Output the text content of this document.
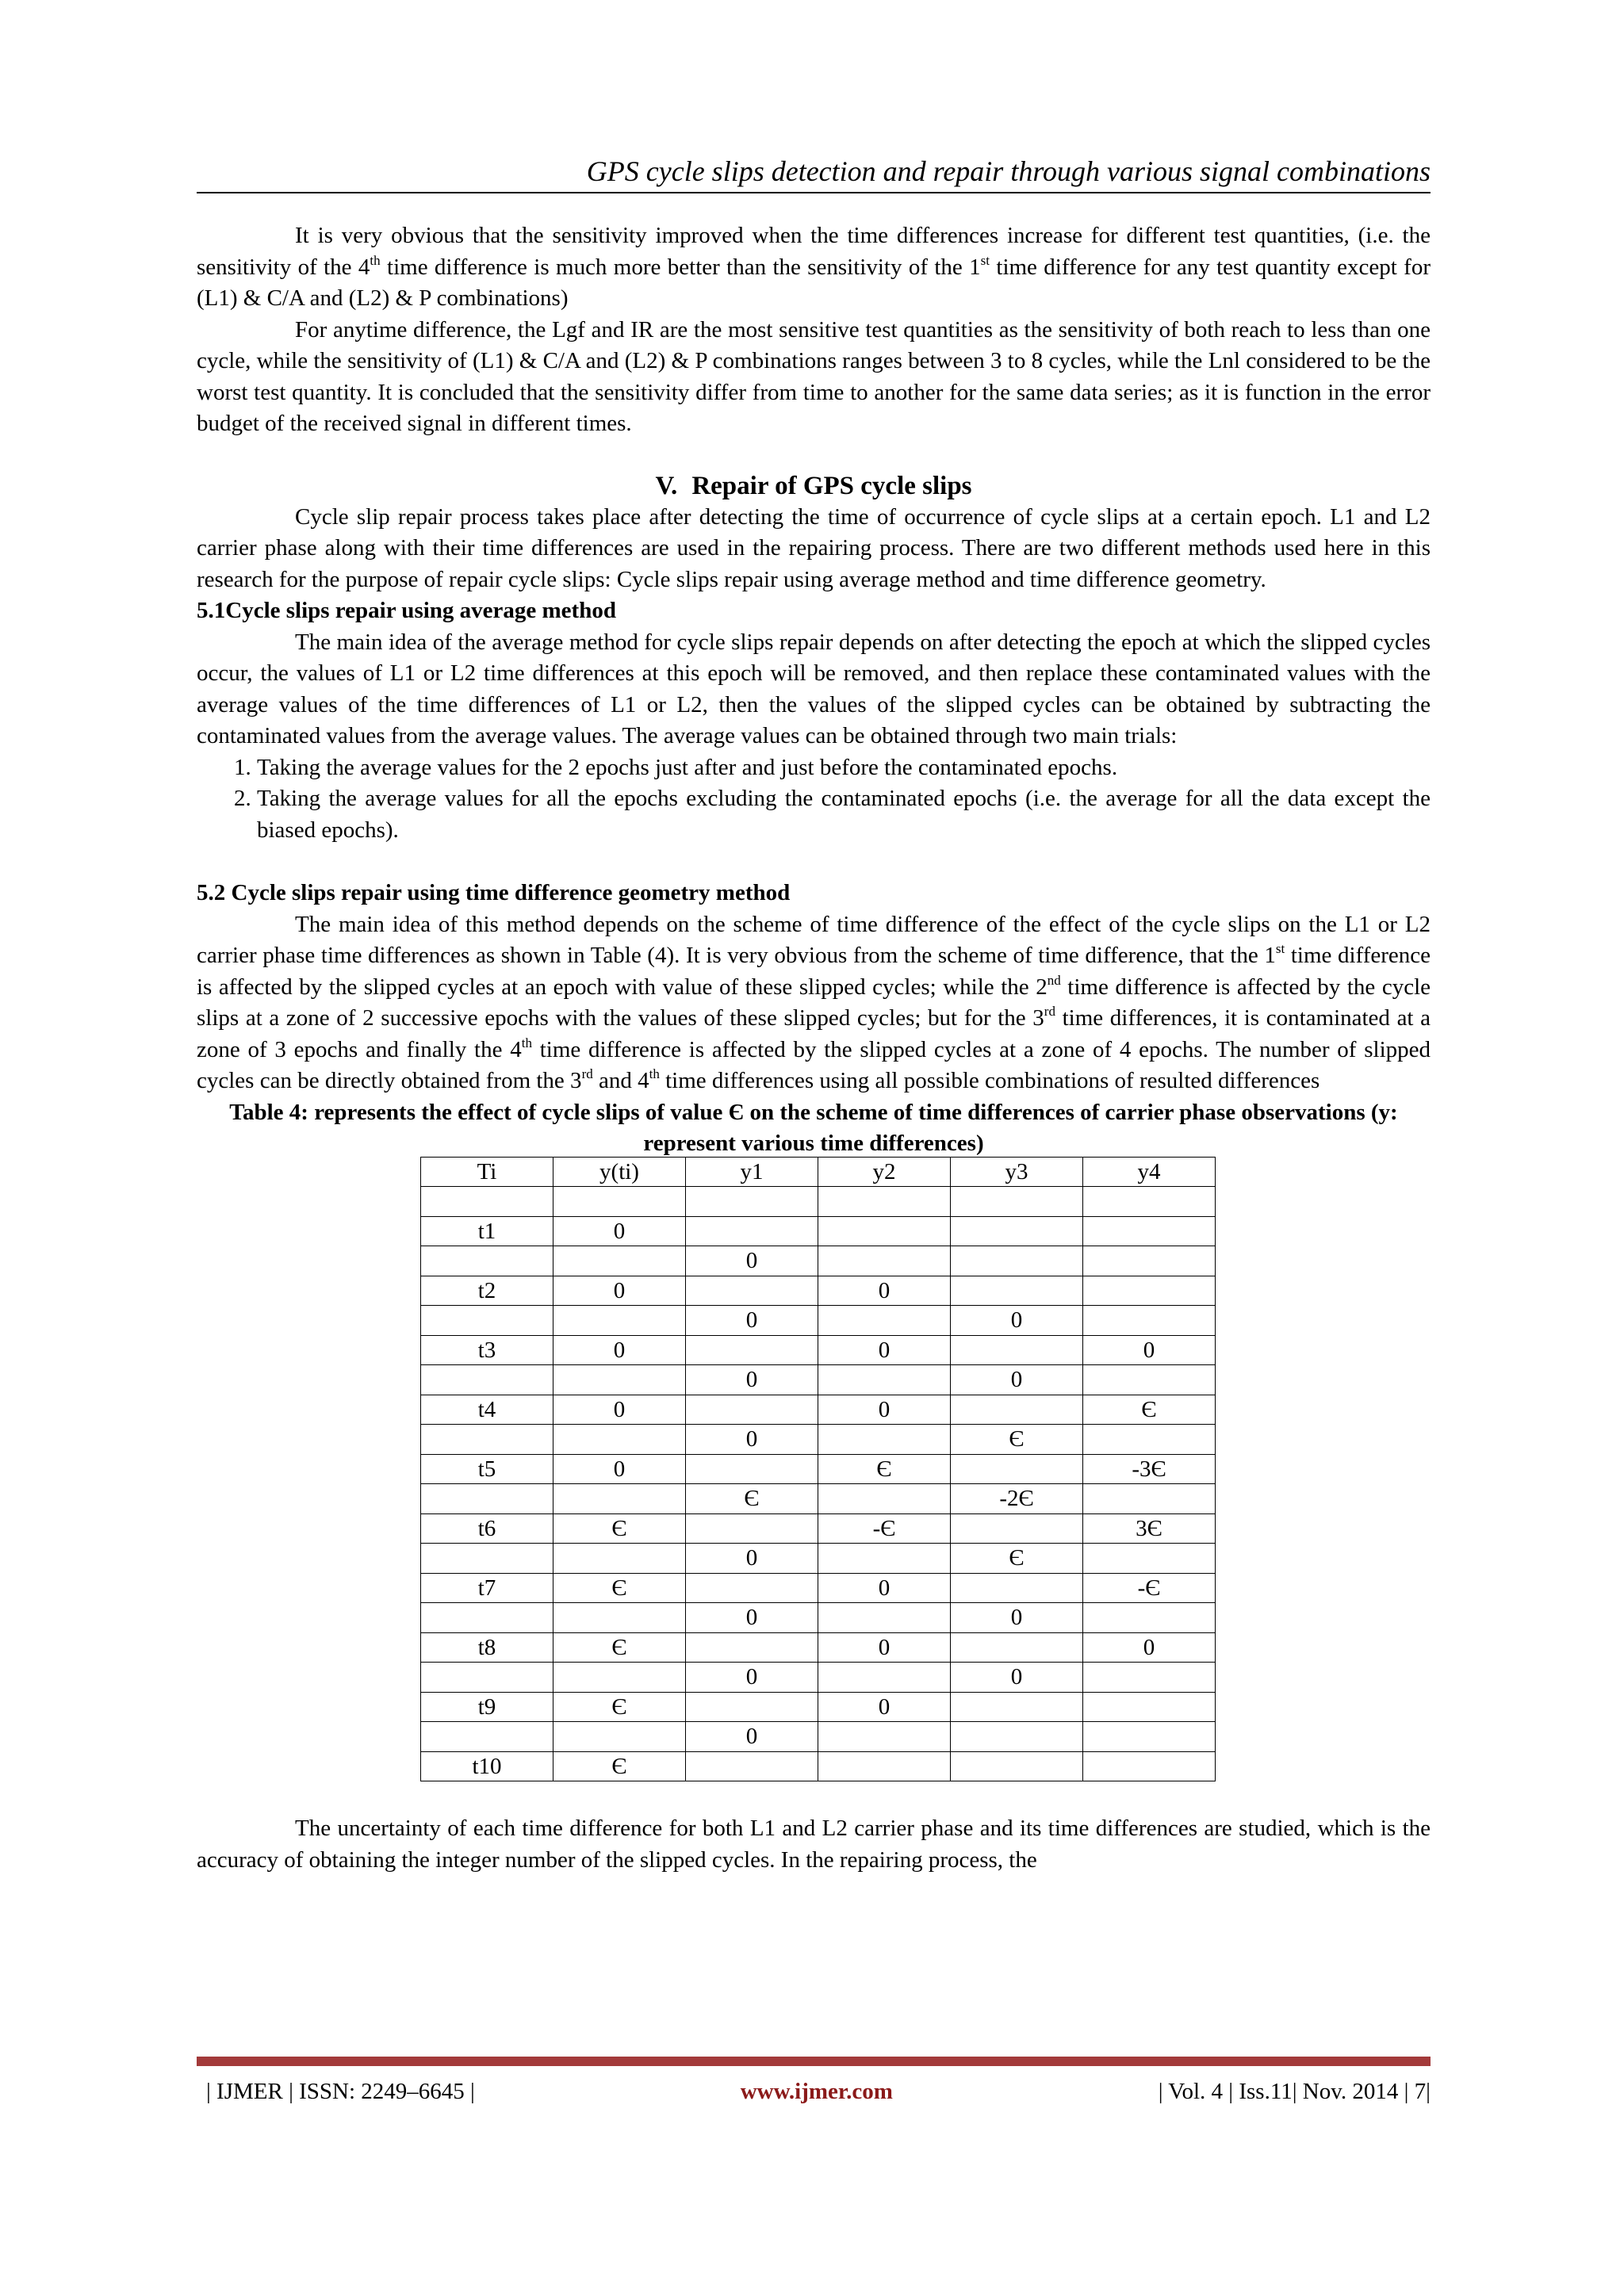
GPS cycle slips detection and repair through various signal combinations

It is very obvious that the sensitivity improved when the time differences increase for different test quantities, (i.e. the sensitivity of the 4th time difference is much more better than the sensitivity of the 1st time difference for any test quantity except for (L1) & C/A and (L2) & P combinations)

For anytime difference, the Lgf and IR are the most sensitive test quantities as the sensitivity of both reach to less than one cycle, while the sensitivity of (L1) & C/A and (L2) & P combinations ranges between 3 to 8 cycles, while the Lnl considered to be the worst test quantity. It is concluded that the sensitivity differ from time to another for the same data series; as it is function in the error budget of the received signal in different times.

V. Repair of GPS cycle slips

Cycle slip repair process takes place after detecting the time of occurrence of cycle slips at a certain epoch. L1 and L2 carrier phase along with their time differences are used in the repairing process. There are two different methods used here in this research for the purpose of repair cycle slips: Cycle slips repair using average method and time difference geometry.

5.1Cycle slips repair using average method

The main idea of the average method for cycle slips repair depends on after detecting the epoch at which the slipped cycles occur, the values of L1 or L2 time differences at this epoch will be removed, and then replace these contaminated values with the average values of the time differences of L1 or L2, then the values of the slipped cycles can be obtained by subtracting the contaminated values from the average values. The average values can be obtained through two main trials:

1. Taking the average values for the 2 epochs just after and just before the contaminated epochs.
2. Taking the average values for all the epochs excluding the contaminated epochs (i.e. the average for all the data except the biased epochs).
5.2 Cycle slips repair using time difference geometry method

The main idea of this method depends on the scheme of time difference of the effect of the cycle slips on the L1 or L2 carrier phase time differences as shown in Table (4). It is very obvious from the scheme of time difference, that the 1st time difference is affected by the slipped cycles at an epoch with value of these slipped cycles; while the 2nd time difference is affected by the cycle slips at a zone of 2 successive epochs with the values of these slipped cycles; but for the 3rd time differences, it is contaminated at a zone of 3 epochs and finally the 4th time difference is affected by the slipped cycles at a zone of 4 epochs. The number of slipped cycles can be directly obtained from the 3rd and 4th time differences using all possible combinations of resulted differences

Table 4: represents the effect of cycle slips of value Є on the scheme of time differences of carrier phase observations (y: represent various time differences)
Ti	y(ti)	y1	y2	y3	y4

t1	0				
		0			
t2	0		0		
		0		0	
t3	0		0		0
		0		0	
t4	0		0		Є
		0		Є	
t5	0		Є		-3Є
		Є		-2Є	
t6	Є		-Є		3Є
		0		Є	
t7	Є		0		-Є
		0		0	
t8	Є		0		0
		0		0	
t9	Є		0		
		0			
t10	Є				

The uncertainty of each time difference for both L1 and L2 carrier phase and its time differences are studied, which is the accuracy of obtaining the integer number of the slipped cycles. In the repairing process, the

| IJMER | ISSN: 2249–6645 |	www.ijmer.com	| Vol. 4 | Iss.11| Nov. 2014 | 7|
